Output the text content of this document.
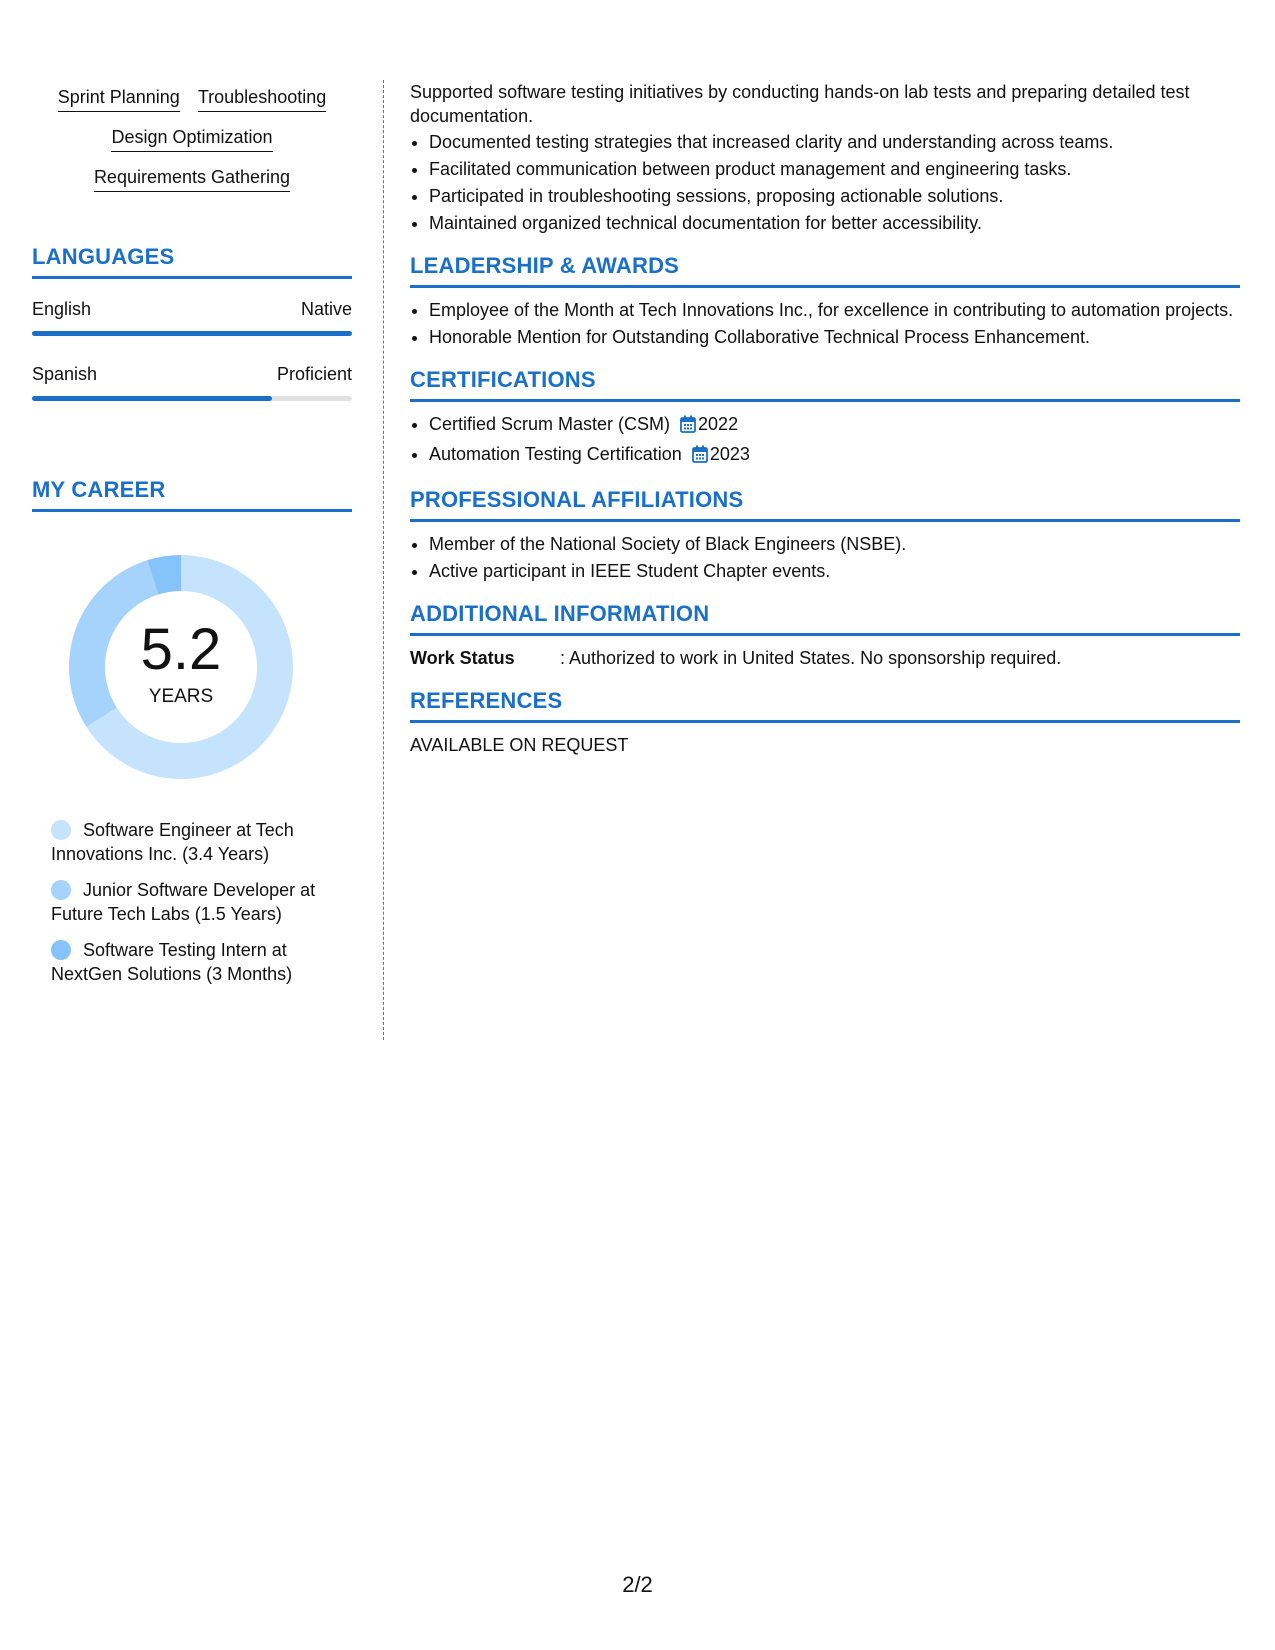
Sprint Planning Troubleshooting
Design Optimization
Requirements Gathering
LANGUAGES
English	Native
Spanish	Proficient
MY CAREER
5.2
YEARS
Software Engineer at Tech Innovations Inc. (3.4 Years)
Junior Software Developer at Future Tech Labs (1.5 Years)
Software Testing Intern at NextGen Solutions (3 Months)

Supported software testing initiatives by conducting hands-on lab tests and preparing detailed test documentation.

• Documented testing strategies that increased clarity and understanding across teams.
• Facilitated communication between product management and engineering tasks.
• Participated in troubleshooting sessions, proposing actionable solutions.
• Maintained organized technical documentation for better accessibility.
LEADERSHIP & AWARDS
• Employee of the Month at Tech Innovations Inc., for excellence in contributing to automation projects.
• Honorable Mention for Outstanding Collaborative Technical Process Enhancement.
CERTIFICATIONS
• Certified Scrum Master (CSM) 2022
• Automation Testing Certification 2023
PROFESSIONAL AFFILIATIONS
• Member of the National Society of Black Engineers (NSBE).
• Active participant in IEEE Student Chapter events.
ADDITIONAL INFORMATION
Work Status	: Authorized to work in United States. No sponsorship required.
REFERENCES
AVAILABLE ON REQUEST
2/2
